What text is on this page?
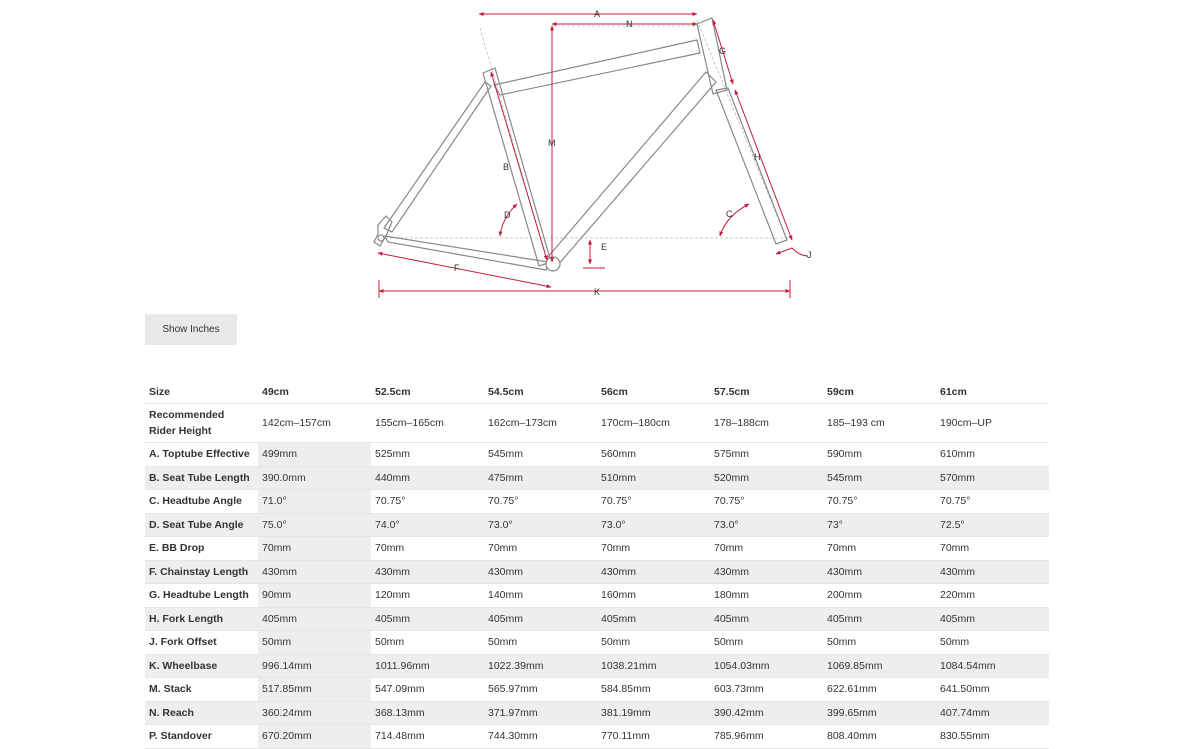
A
N
G
M
B
H
D	C
E
J
F
K
Show Inches
Size	49cm	52.5cm	54.5cm	56cm	57.5cm	59cm	61cm
Recommended Rider Height	142cm–157cm	155cm–165cm	162cm–173cm	170cm–180cm	178–188cm	185–193 cm	190cm–UP
A. Toptube Effective	499mm	525mm	545mm	560mm	575mm	590mm	610mm
B. Seat Tube Length	390.0mm	440mm	475mm	510mm	520mm	545mm	570mm
C. Headtube Angle	71.0°	70.75°	70.75°	70.75°	70.75°	70.75°	70.75°
D. Seat Tube Angle	75.0°	74.0°	73.0°	73.0°	73.0°	73°	72.5°
E. BB Drop	70mm	70mm	70mm	70mm	70mm	70mm	70mm
F. Chainstay Length	430mm	430mm	430mm	430mm	430mm	430mm	430mm
G. Headtube Length	90mm	120mm	140mm	160mm	180mm	200mm	220mm
H. Fork Length	405mm	405mm	405mm	405mm	405mm	405mm	405mm
J. Fork Offset	50mm	50mm	50mm	50mm	50mm	50mm	50mm
K. Wheelbase	996.14mm	1011.96mm	1022.39mm	1038.21mm	1054.03mm	1069.85mm	1084.54mm
M. Stack	517.85mm	547.09mm	565.97mm	584.85mm	603.73mm	622.61mm	641.50mm
N. Reach	360.24mm	368.13mm	371.97mm	381.19mm	390.42mm	399.65mm	407.74mm
P. Standover	670.20mm	714.48mm	744.30mm	770.11mm	785.96mm	808.40mm	830.55mm
